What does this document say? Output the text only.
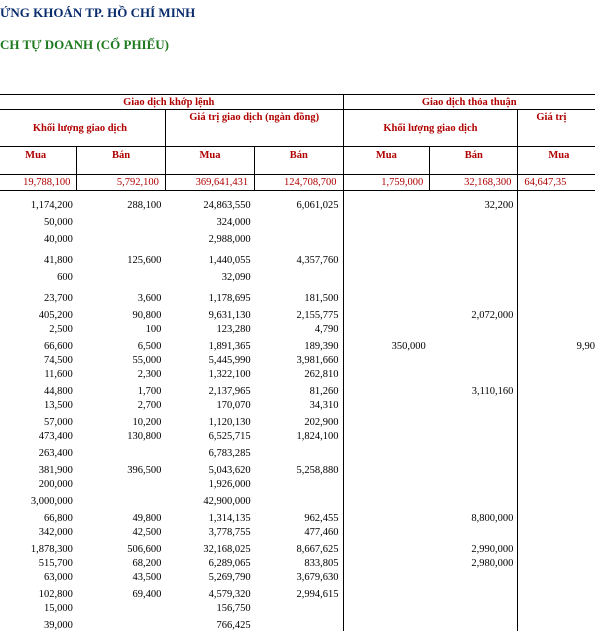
ỨNG KHOÁN TP. HỒ CHÍ MINH
CH TỰ DOANH (CỔ PHIẾU)
Giao dịch khớp lệnh				Giao dịch thỏa thuận		
Khối lượng giao dịch		Giá trị giao dịch (ngàn đồng)		Khối lượng giao dịch		Giá trị
Mua	Bán	Mua	Bán	Mua	Bán	Mua
19,788,100	5,792,100	369,641,431	124,708,700	1,759,000	32,168,300	64,647,35
1,174,200	288,100	24,863,550	6,061,025		32,200	
50,000		324,000				
40,000		2,988,000				
41,800	125,600	1,440,055	4,357,760			
600		32,090				
23,700	3,600	1,178,695	181,500			
405,200	90,800	9,631,130	2,155,775		2,072,000	
2,500	100	123,280	4,790			
66,600	6,500	1,891,365	189,390	350,000		9,90
74,500	55,000	5,445,990	3,981,660			
11,600	2,300	1,322,100	262,810			
44,800	1,700	2,137,965	81,260		3,110,160	
13,500	2,700	170,070	34,310			
57,000	10,200	1,120,130	202,900			
473,400	130,800	6,525,715	1,824,100			
263,400		6,783,285				
381,900	396,500	5,043,620	5,258,880			
200,000		1,926,000				
3,000,000		42,900,000				
66,800	49,800	1,314,135	962,455		8,800,000	
342,000	42,500	3,778,755	477,460			
1,878,300	506,600	32,168,025	8,667,625		2,990,000	
515,700	68,200	6,289,065	833,805		2,980,000	
63,000	43,500	5,269,790	3,679,630			
102,800	69,400	4,579,320	2,994,615			
15,000		156,750				
39,000		766,425				
